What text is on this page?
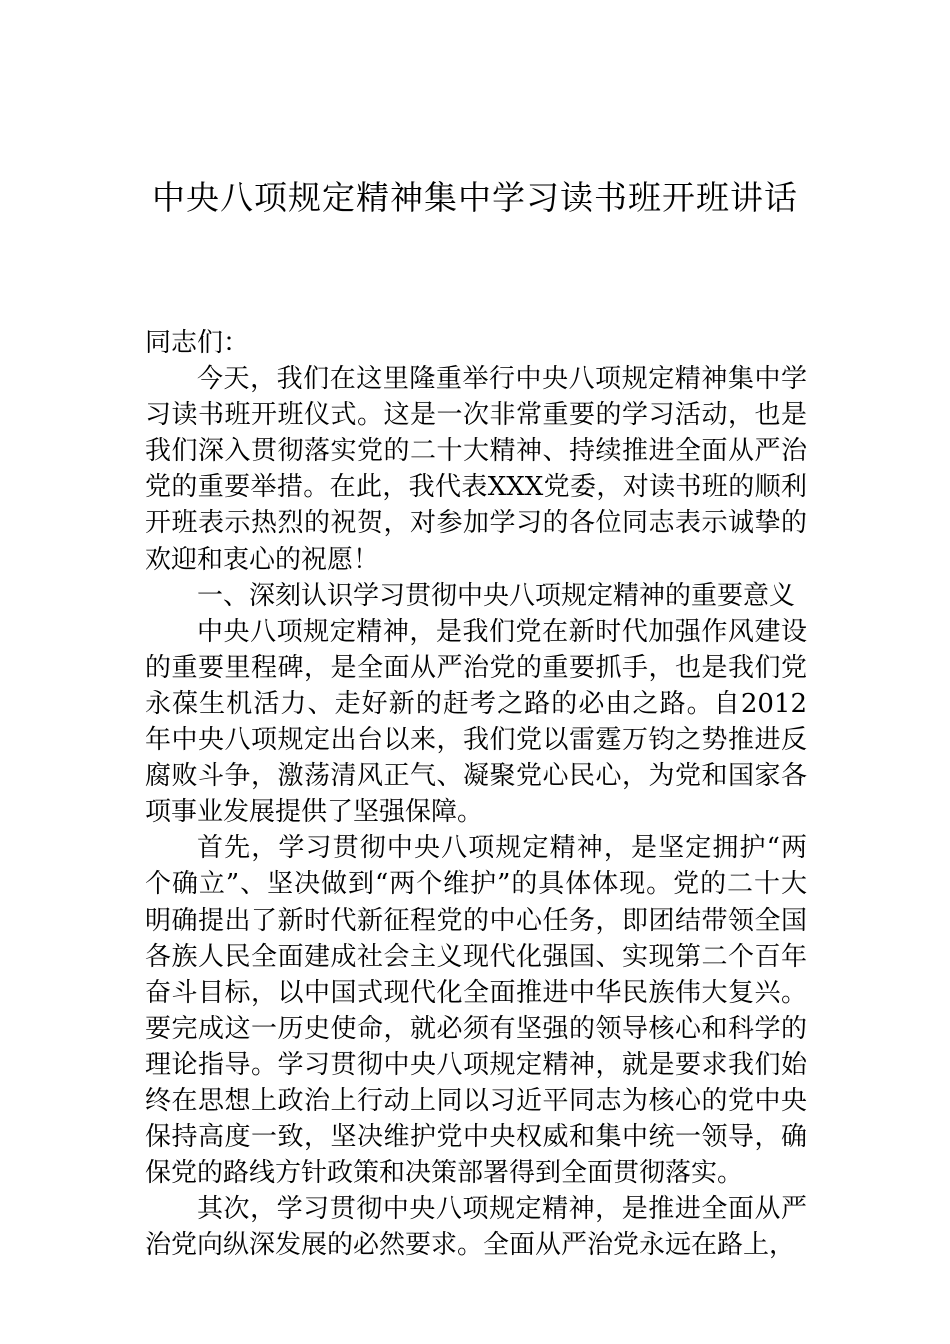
中央八项规定精神集中学习读书班开班讲话

同志们：

今天，我们在这里隆重举行中央八项规定精神集中学习读书班开班仪式。这是一次非常重要的学习活动，也是我们深入贯彻落实党的二十大精神、持续推进全面从严治党的重要举措。在此，我代表XXX党委，对读书班的顺利开班表示热烈的祝贺，对参加学习的各位同志表示诚挚的欢迎和衷心的祝愿！

一、深刻认识学习贯彻中央八项规定精神的重要意义

中央八项规定精神，是我们党在新时代加强作风建设的重要里程碑，是全面从严治党的重要抓手，也是我们党永葆生机活力、走好新的赶考之路的必由之路。自2012年中央八项规定出台以来，我们党以雷霆万钧之势推进反腐败斗争，激荡清风正气、凝聚党心民心，为党和国家各项事业发展提供了坚强保障。

首先，学习贯彻中央八项规定精神，是坚定拥护“两个确立”、坚决做到“两个维护”的具体体现。党的二十大明确提出了新时代新征程党的中心任务，即团结带领全国各族人民全面建成社会主义现代化强国、实现第二个百年奋斗目标，以中国式现代化全面推进中华民族伟大复兴。要完成这一历史使命，就必须有坚强的领导核心和科学的理论指导。学习贯彻中央八项规定精神，就是要求我们始终在思想上政治上行动上同以习近平同志为核心的党中央保持高度一致，坚决维护党中央权威和集中统一领导，确保党的路线方针政策和决策部署得到全面贯彻落实。

其次，学习贯彻中央八项规定精神，是推进全面从严治党向纵深发展的必然要求。全面从严治党永远在路上，
